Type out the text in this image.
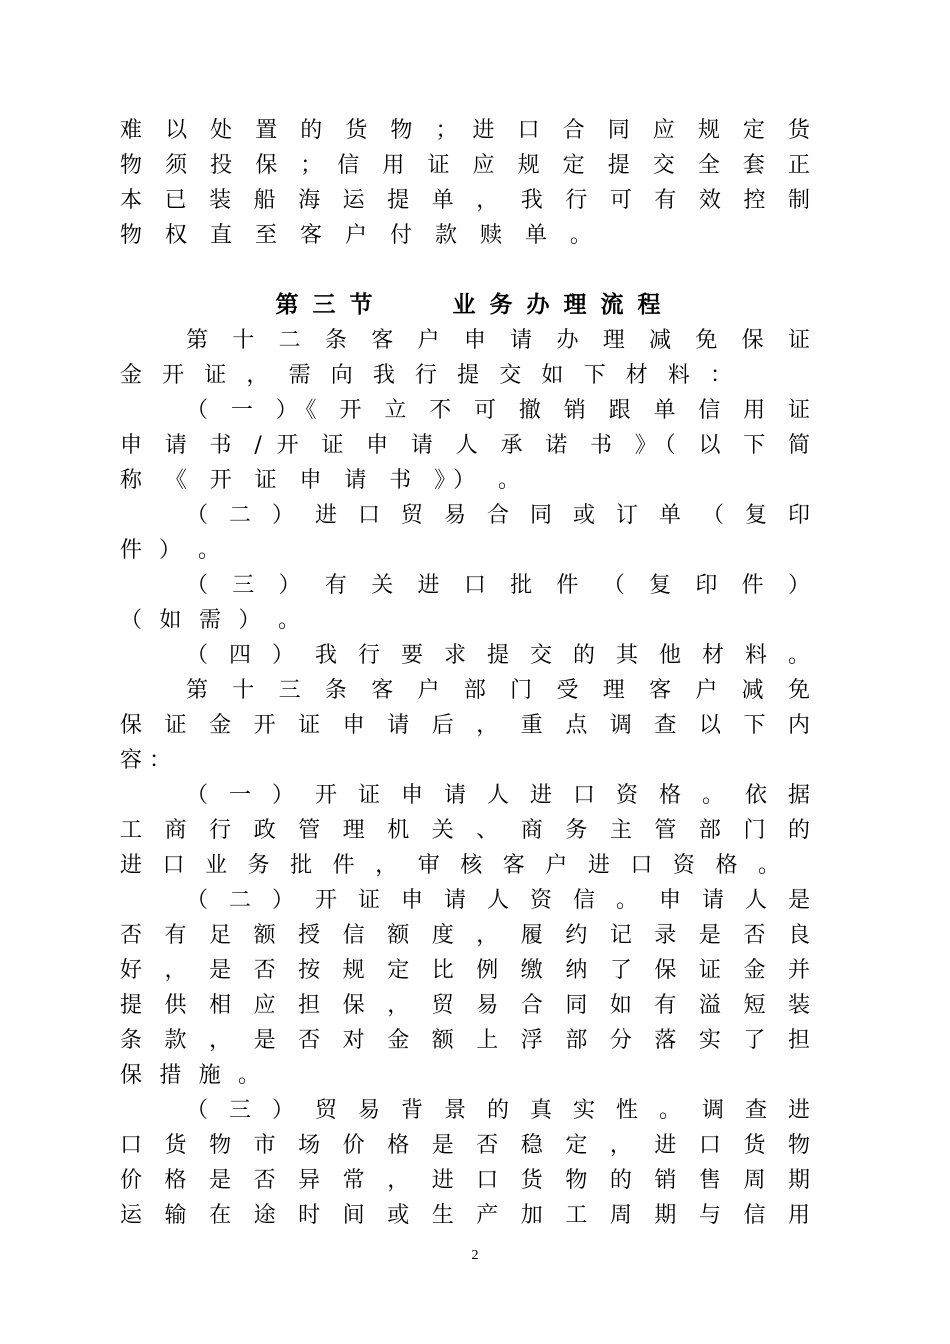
难 以 处 置 的 货 物 ； 进 口 合 同 应 规 定 货
物 须 投 保 ； 信 用 证 应 规 定 提 交 全 套 正
本 已 装 船 海 运 提 单 ， 我 行 可 有 效 控 制
物 权 直 至 客 户 付 款 赎 单 。
第三节   业务办理流程
第 十 二 条 客 户 申 请 办 理 减 免 保 证
金 开 证 ， 需 向 我 行 提 交 如 下 材 料 ：
（ 一 ）《 开 立 不 可 撤 销 跟 单 信 用 证
申 请 书 / 开 证 申 请 人 承 诺 书 》（ 以 下 简
称 《 开 证 申 请 书 》） 。
（ 二 ） 进 口 贸 易 合 同 或 订 单 （ 复 印
件 ） 。
（ 三 ） 有 关 进 口 批 件 （ 复 印 件 ）
（ 如 需 ） 。
（ 四 ） 我 行 要 求 提 交 的 其 他 材 料 。
第 十 三 条 客 户 部 门 受 理 客 户 减 免
保 证 金 开 证 申 请 后 ， 重 点 调 查 以 下 内
容 ：
（ 一 ） 开 证 申 请 人 进 口 资 格 。 依 据
工 商 行 政 管 理 机 关 、 商 务 主 管 部 门 的
进 口 业 务 批 件 ， 审 核 客 户 进 口 资 格 。
（ 二 ） 开 证 申 请 人 资 信 。 申 请 人 是
否 有 足 额 授 信 额 度 ， 履 约 记 录 是 否 良
好 ， 是 否 按 规 定 比 例 缴 纳 了 保 证 金 并
提 供 相 应 担 保 ， 贸 易 合 同 如 有 溢 短 装
条 款 ， 是 否 对 金 额 上 浮 部 分 落 实 了 担
保 措 施 。
（ 三 ） 贸 易 背 景 的 真 实 性 。 调 查 进
口 货 物 市 场 价 格 是 否 稳 定 ， 进 口 货 物
价 格 是 否 异 常 ， 进 口 货 物 的 销 售 周 期
运 输 在 途 时 间 或 生 产 加 工 周 期 与 信 用
2
